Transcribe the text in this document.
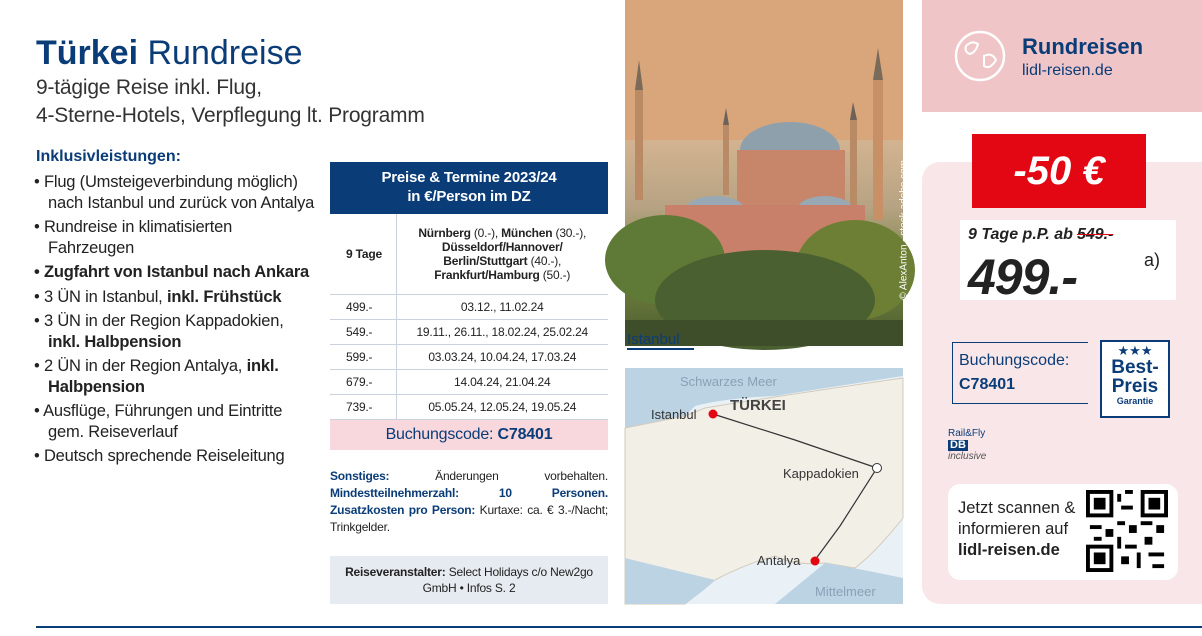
Türkei Rundreise
9-tägige Reise inkl. Flug,
4-Sterne-Hotels, Verpflegung lt. Programm
Inklusivleistungen:
• Flug (Umsteigeverbindung möglich) nach Istanbul und zurück von Antalya
• Rundreise in klimatisierten Fahrzeugen
• Zugfahrt von Istanbul nach Ankara
• 3 ÜN in Istanbul, inkl. Frühstück
• 3 ÜN in der Region Kappadokien, inkl. Halbpension
• 2 ÜN in der Region Antalya, inkl. Halbpension
• Ausflüge, Führungen und Eintritte gem. Reiseverlauf
• Deutsch sprechende Reiseleitung
Preise & Termine 2023/24
in €/Person im DZ
9 Tage	Nürnberg (0.-), München (30.-), Düsseldorf/Hannover/ Berlin/Stuttgart (40.-), Frankfurt/Hamburg (50.-)
499.-	03.12., 11.02.24
549.-	19.11., 26.11., 18.02.24, 25.02.24
599.-	03.03.24, 10.04.24, 17.03.24
679.-	14.04.24, 21.04.24
739.-	05.05.24, 12.05.24, 19.05.24
Buchungscode: C78401
Sonstiges: Änderungen vorbehalten. Mindestteilnehmerzahl: 10 Personen. Zusatzkosten pro Person: Kurtaxe: ca. € 3.-/Nacht; Trinkgelder.
Reiseveranstalter: Select Holidays c/o New2go GmbH • Infos S. 2
© AlexAnton - stock.adobe.com
Istanbul
Schwarzes Meer
TÜRKEI
Istanbul
Kappadokien
Antalya
Mittelmeer
Rundreisen
lidl-reisen.de
-50 €
9 Tage p.P. ab 549.-
499.-	a)
Buchungscode:
C78401
★★★
Best-
Preis
Garantie
Rail&Fly
DB
inclusive
Jetzt scannen &
informieren auf
lidl-reisen.de
